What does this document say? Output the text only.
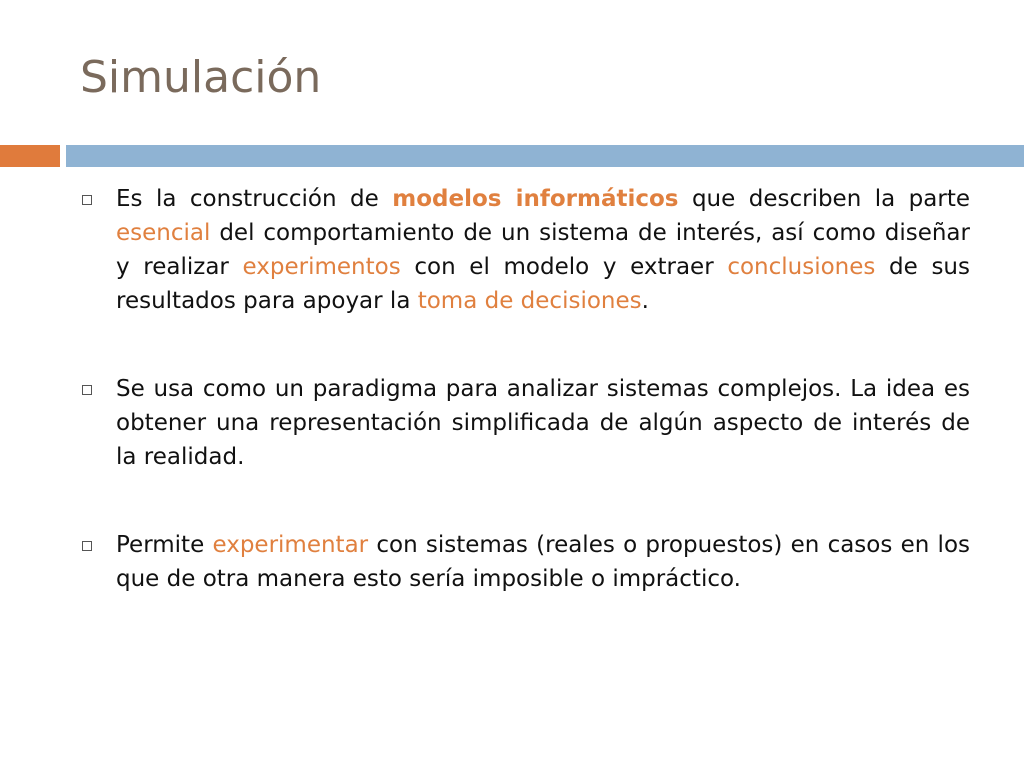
Simulación
Es la construcción de modelos informáticos que describen la parte esencial del comportamiento de un sistema de interés, así como diseñar y realizar experimentos con el modelo y extraer conclusiones de sus resultados para apoyar la toma de decisiones.
Se usa como un paradigma para analizar sistemas complejos. La idea es obtener una representación simplificada de algún aspecto de interés de la realidad.
Permite experimentar con sistemas (reales o propuestos) en casos en los que de otra manera esto sería imposible o impráctico.
